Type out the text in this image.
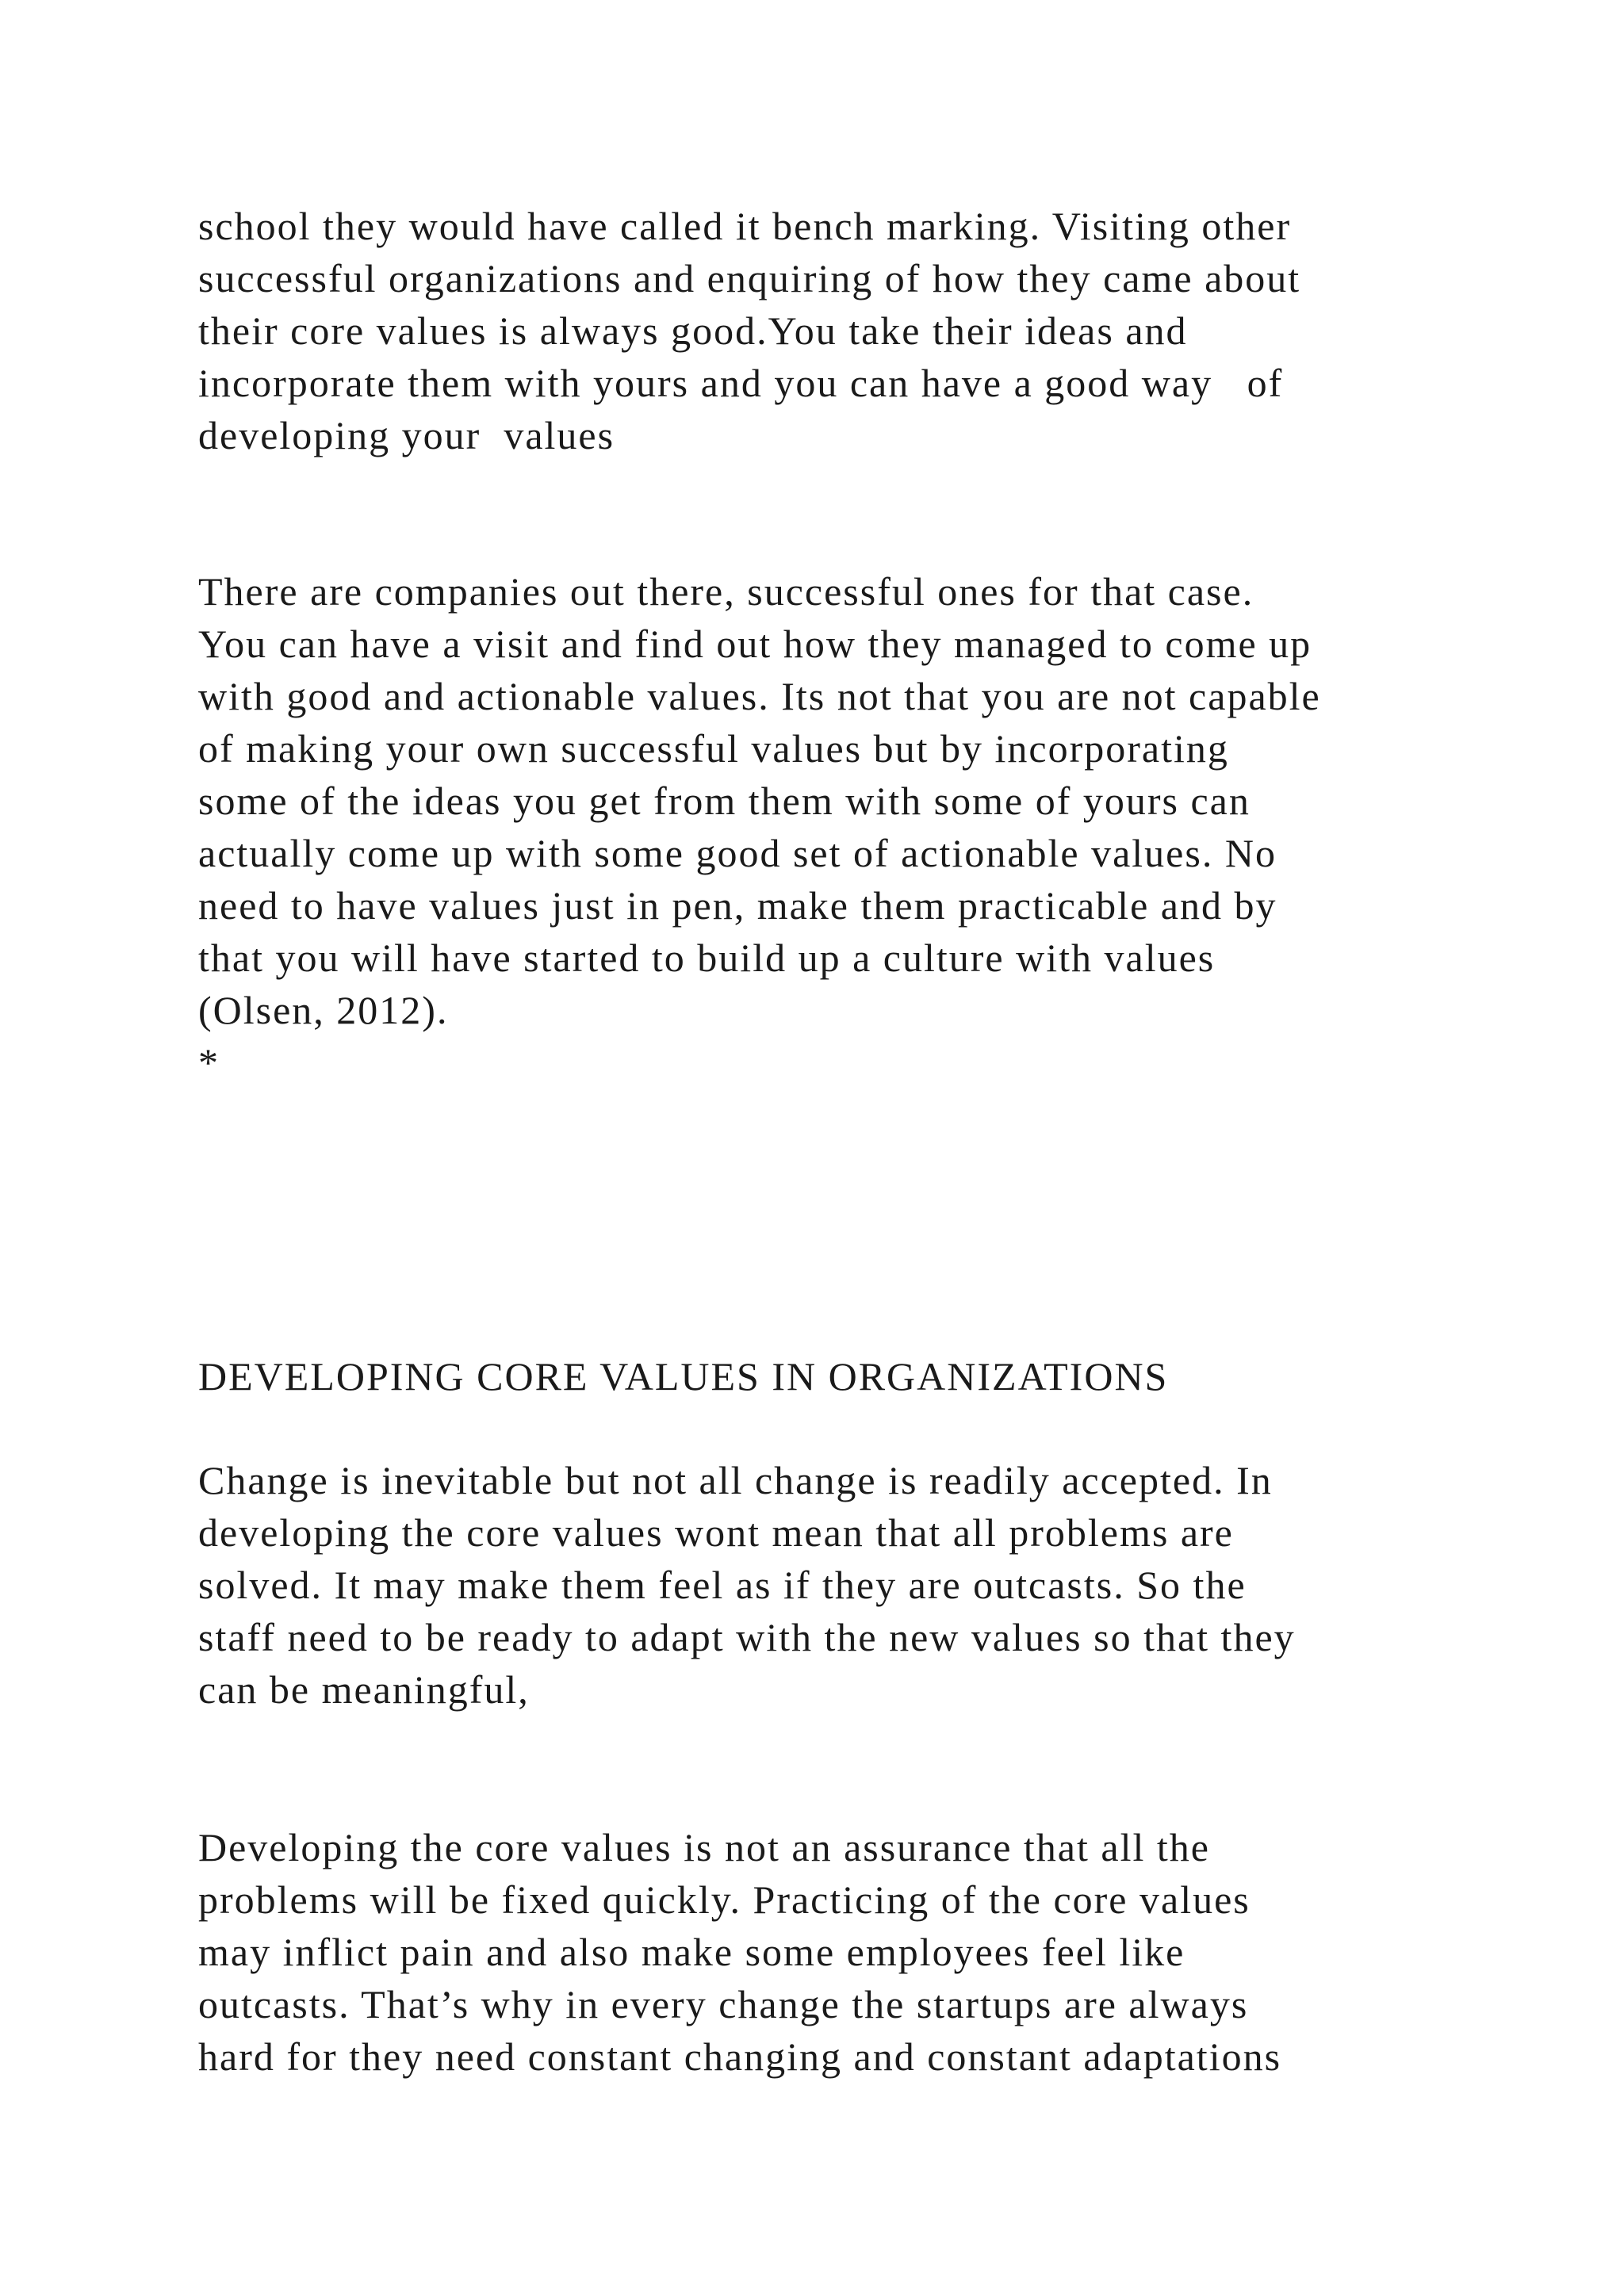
school they would have called it bench marking. Visiting other
successful organizations and enquiring of how they came about
their core values is always good.You take their ideas and
incorporate them with yours and you can have a good way   of
developing your  values

There are companies out there, successful ones for that case.
You can have a visit and find out how they managed to come up
with good and actionable values. Its not that you are not capable
of making your own successful values but by incorporating
some of the ideas you get from them with some of yours can
actually come up with some good set of actionable values. No
need to have values just in pen, make them practicable and by
that you will have started to build up a culture with values
(Olsen, 2012).
*

DEVELOPING CORE VALUES IN ORGANIZATIONS

Change is inevitable but not all change is readily accepted. In
developing the core values wont mean that all problems are
solved. It may make them feel as if they are outcasts. So the
staff need to be ready to adapt with the new values so that they
can be meaningful,

Developing the core values is not an assurance that all the
problems will be fixed quickly. Practicing of the core values
may inflict pain and also make some employees feel like
outcasts. That’s why in every change the startups are always
hard for they need constant changing and constant adaptations
